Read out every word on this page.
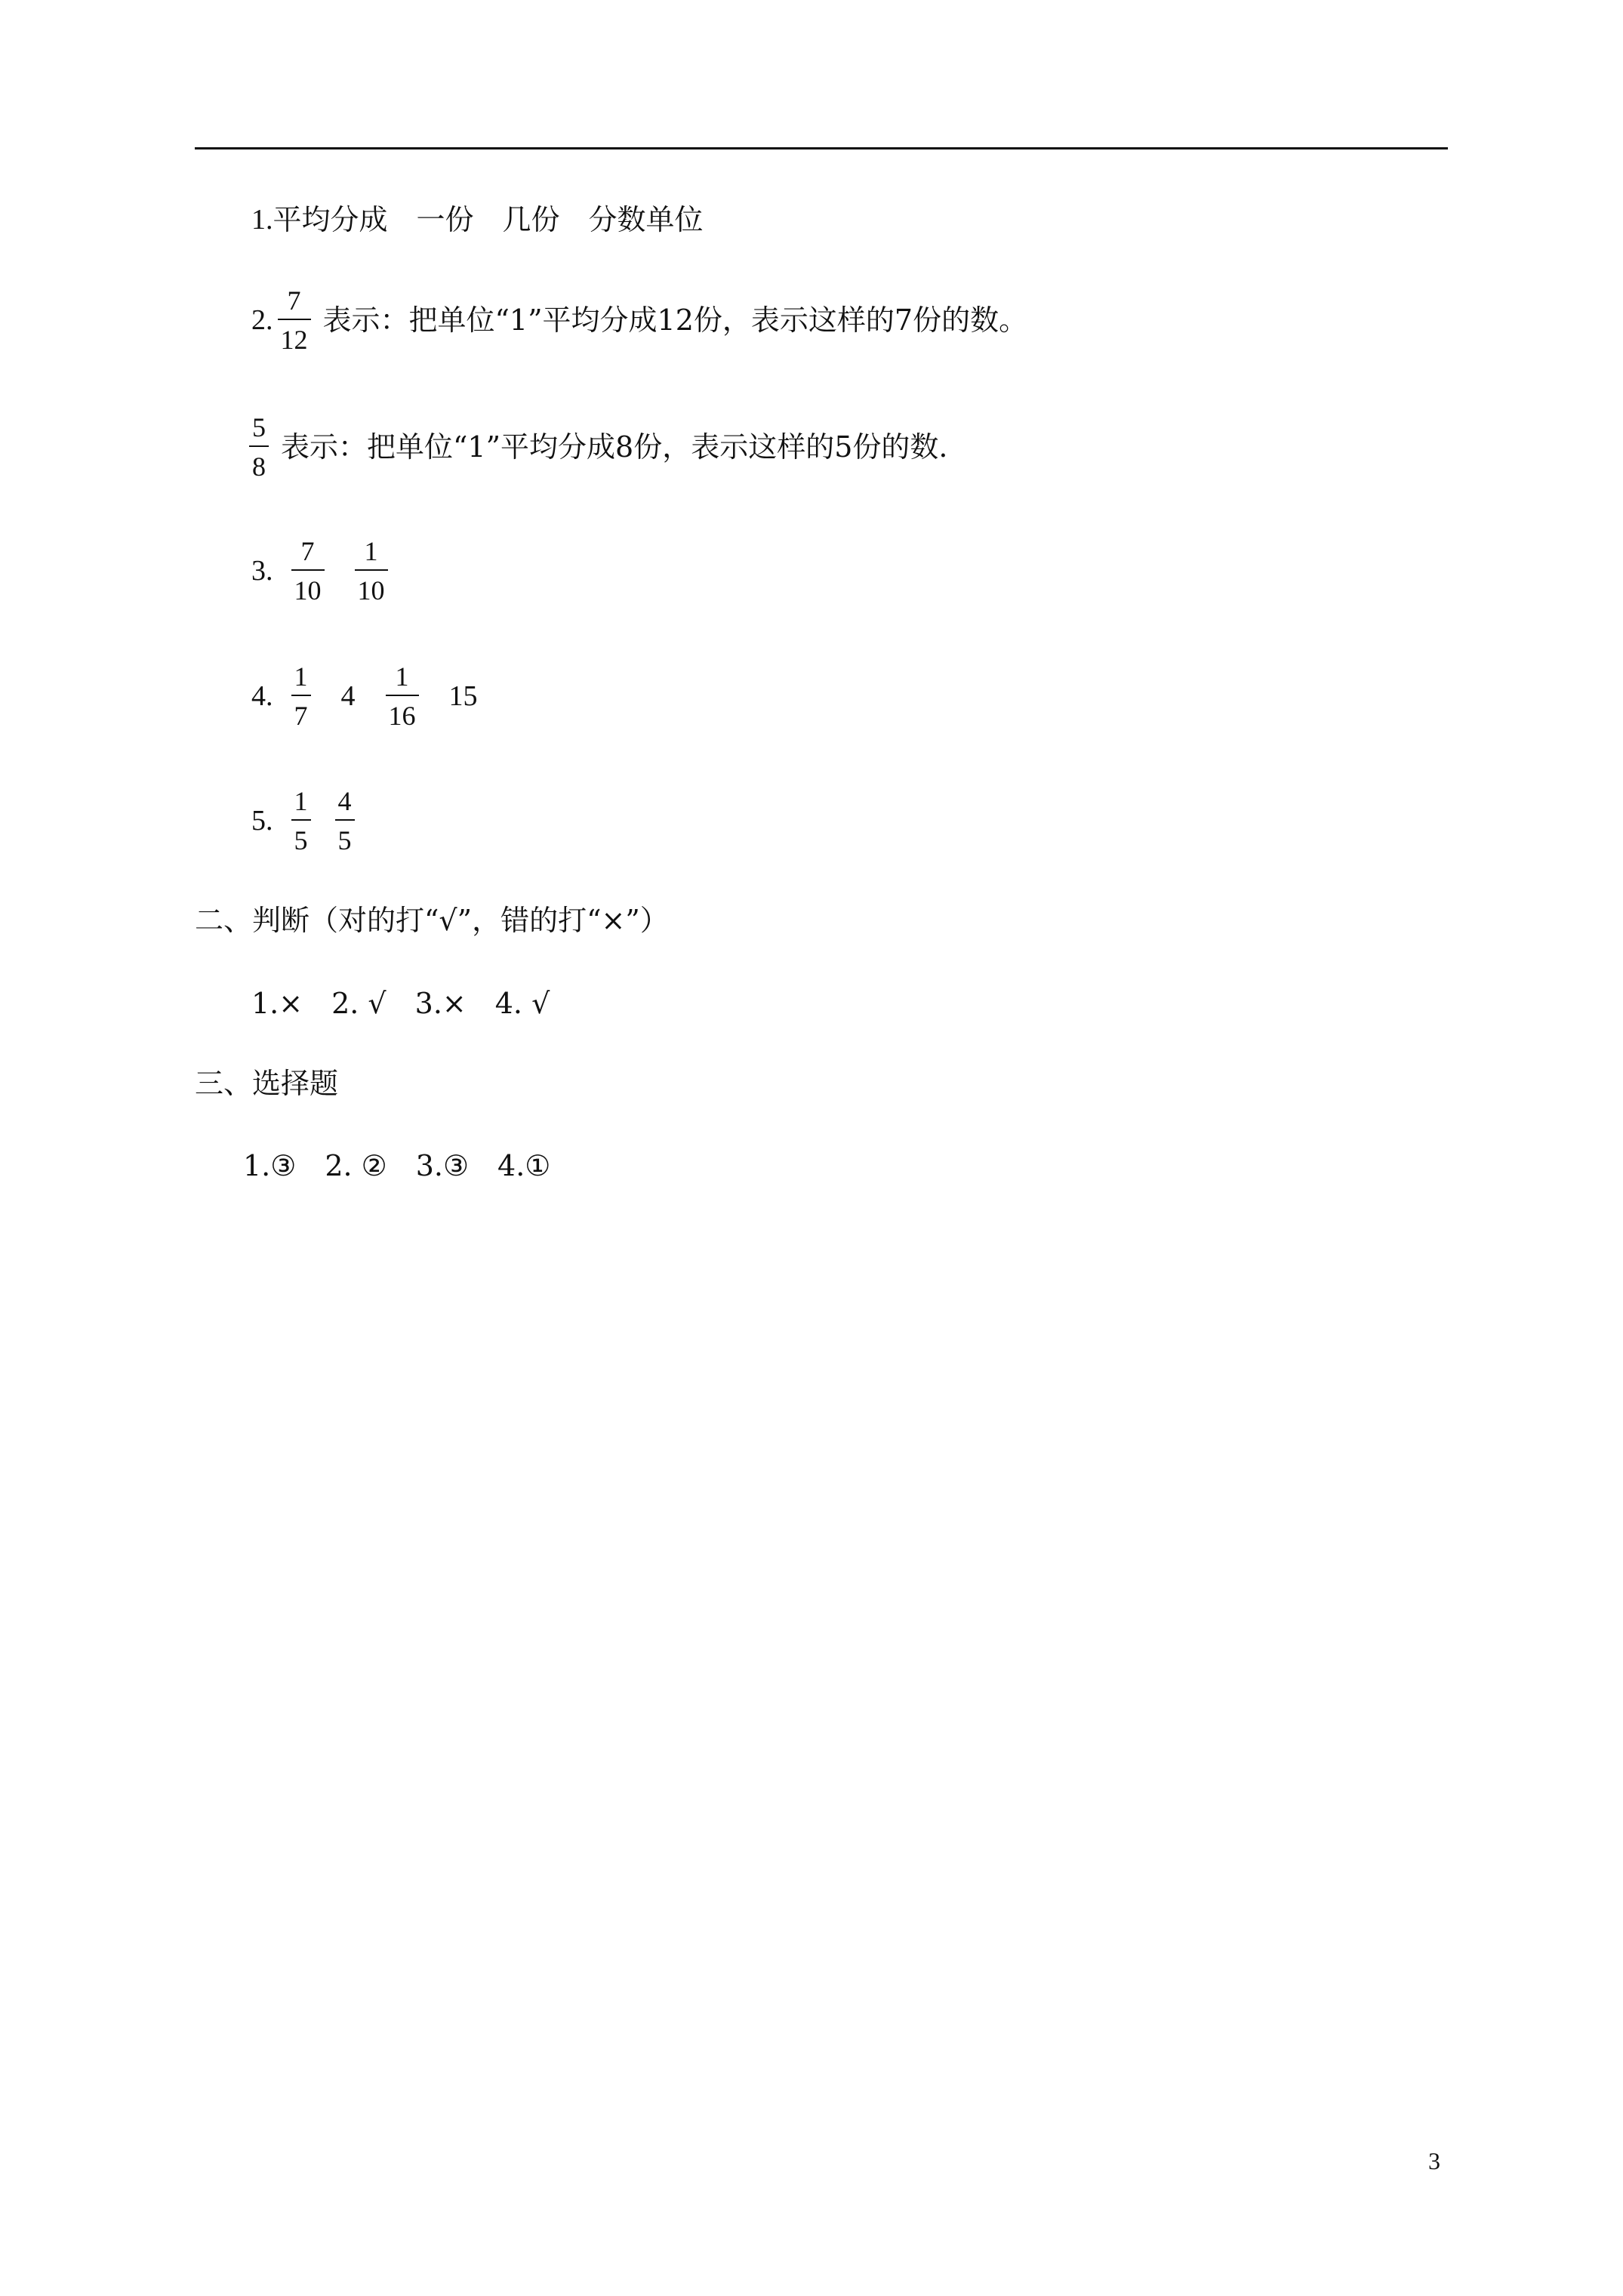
1. 平均分成 一份 几份 分数单位
2. $\frac{7}{12}$ 表示：把单位“1”平均分成12份，表示这样的7份的数。
$\frac{5}{8}$ 表示：把单位“1”平均分成8份，表示这样的5份的数.
3. $\frac{7}{10} \frac{1}{10}$
4. $\frac{1}{7} 4 \frac{1}{16} 15$
5. $\frac{1}{5} \frac{4}{5}$
二、判断（对的打“√”，错的打“×”）
1.×　2. √　3.×　4. √
三、选择题
1.③　2. ②　3.③　4.①
3
